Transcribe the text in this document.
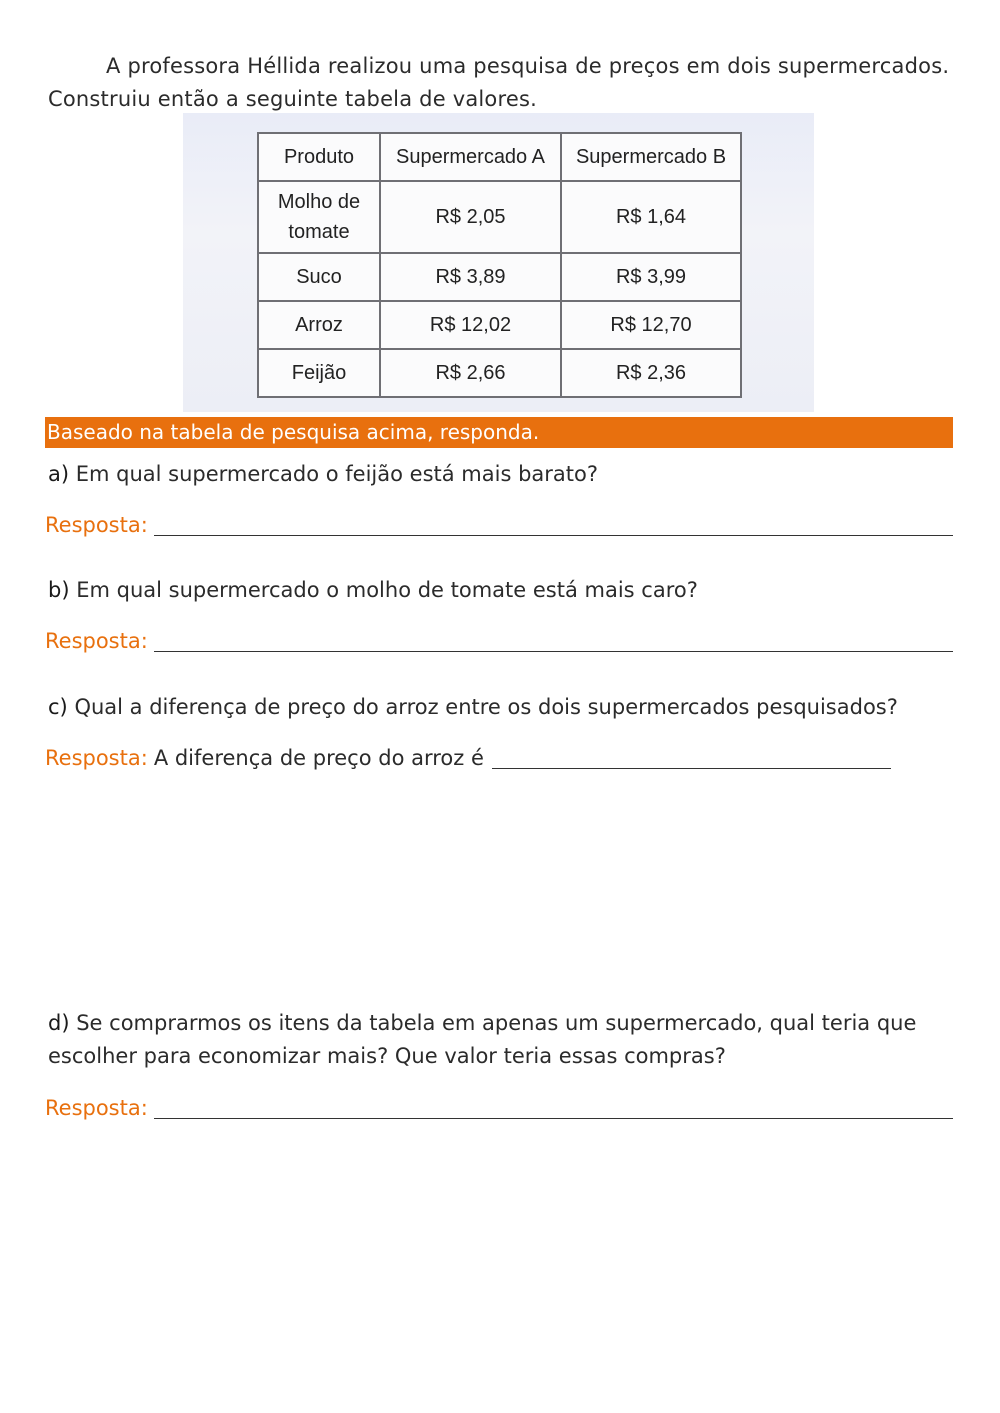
A professora Héllida realizou uma pesquisa de preços em dois supermercados. Construiu então a seguinte tabela de valores.
Produto	Supermercado A	Supermercado B
Molho de tomate	R$ 2,05	R$ 1,64
Suco	R$ 3,89	R$ 3,99
Arroz	R$ 12,02	R$ 12,70
Feijão	R$ 2,66	R$ 2,36
Baseado na tabela de pesquisa acima, responda.
a) Em qual supermercado o feijão está mais barato?
Resposta:
b) Em qual supermercado o molho de tomate está mais caro?
Resposta:
c) Qual a diferença de preço do arroz entre os dois supermercados pesquisados?
Resposta: A diferença de preço do arroz é
d) Se comprarmos os itens da tabela em apenas um supermercado, qual teria que escolher para economizar mais? Que valor teria essas compras?
Resposta:
